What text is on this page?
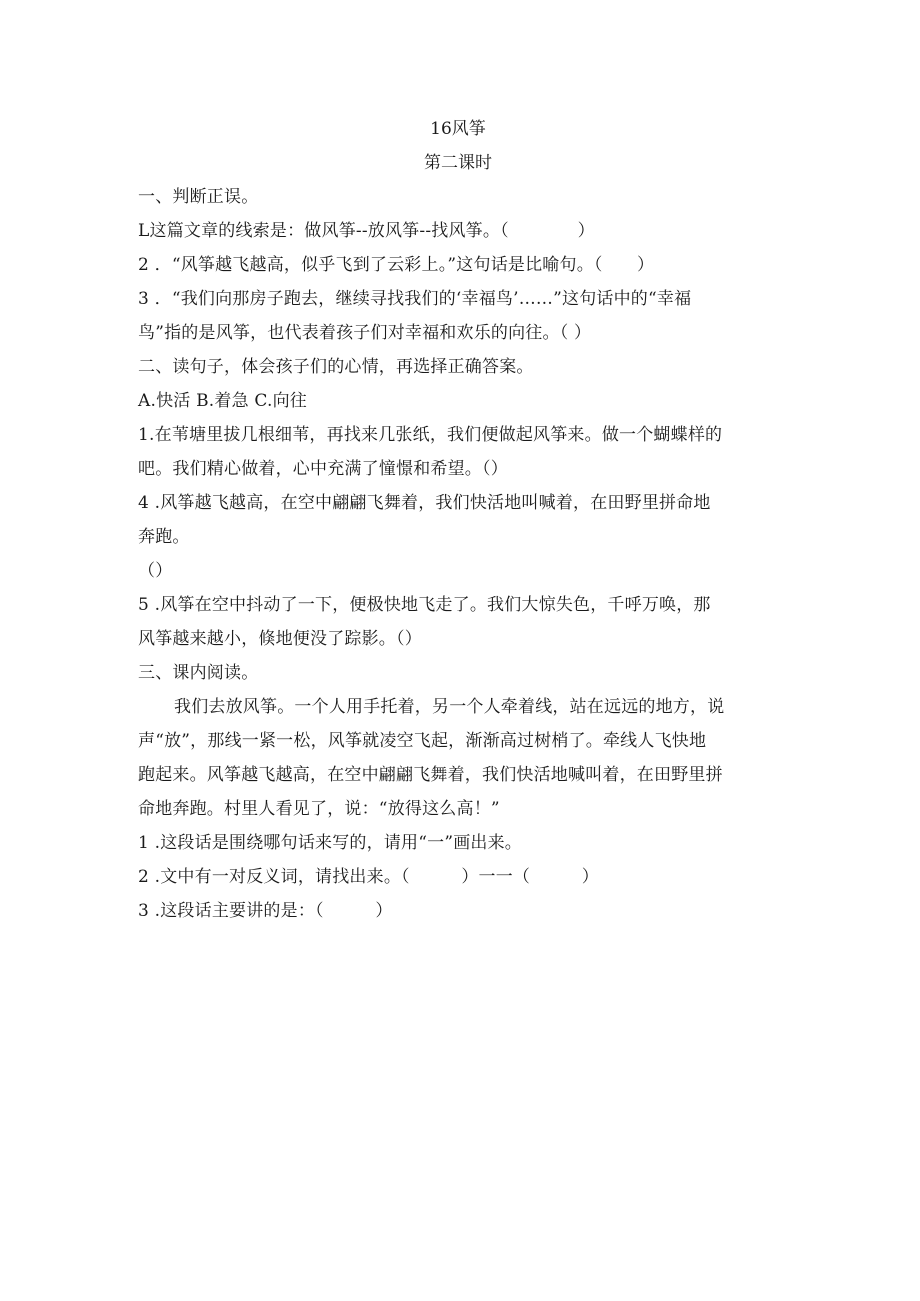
16风筝
第二课时
一、判断正误。
L这篇文章的线索是：做风筝--放风筝--找风筝。（　　　　）
2 ．“风筝越飞越高，似乎飞到了云彩上。”这句话是比喻句。（　　）
3 ．“我们向那房子跑去，继续寻找我们的‘幸福鸟’……”这句话中的“幸福
鸟”指的是风筝，也代表着孩子们对幸福和欢乐的向往。（ ）
二、读句子，体会孩子们的心情，再选择正确答案。
A.快活 B.着急 C.向往
1.在苇塘里拔几根细苇，再找来几张纸，我们便做起风筝来。做一个蝴蝶样的
吧。我们精心做着，心中充满了憧憬和希望。（）
4 .风筝越飞越高，在空中翩翩飞舞着，我们快活地叫喊着，在田野里拼命地
奔跑。
（）
5 .风筝在空中抖动了一下，便极快地飞走了。我们大惊失色，千呼万唤，那
风筝越来越小，倏地便没了踪影。（）
三、课内阅读。
我们去放风筝。一个人用手托着，另一个人牵着线，站在远远的地方，说
声“放”，那线一紧一松，风筝就凌空飞起，渐渐高过树梢了。牵线人飞快地
跑起来。风筝越飞越高，在空中翩翩飞舞着，我们快活地喊叫着，在田野里拼
命地奔跑。村里人看见了，说：“放得这么高！”
1 .这段话是围绕哪句话来写的，请用“一”画出来。
2 .文中有一对反义词，请找出来。（　　　）一一（　　　）
3 .这段话主要讲的是：（　　　）
